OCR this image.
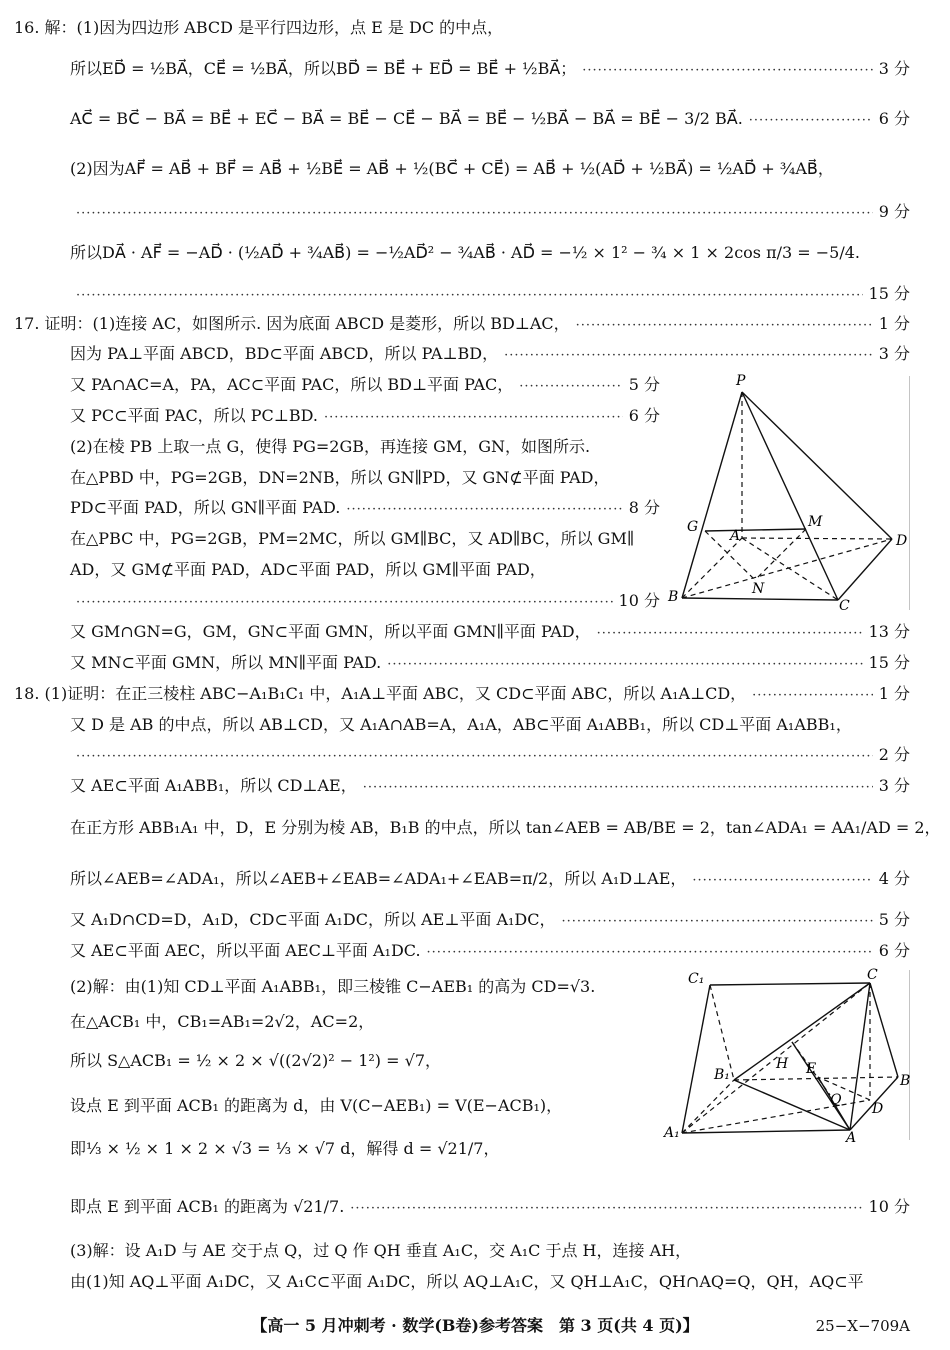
16. 解：(1)因为四边形 ABCD 是平行四边形，点 E 是 DC 的中点，
所以ED⃗ = ½BA⃗，CE⃗ = ½BA⃗，所以BD⃗ = BE⃗ + ED⃗ = BE⃗ + ½BA⃗； ·····	3 分
AC⃗ = BC⃗ − BA⃗ = BE⃗ + EC⃗ − BA⃗ = BE⃗ − CE⃗ − BA⃗ = BE⃗ − ½BA⃗ − BA⃗ = BE⃗ − 3/2 BA⃗. ·····	6 分
(2)因为AF⃗ = AB⃗ + BF⃗ = AB⃗ + ½BE⃗ = AB⃗ + ½(BC⃗ + CE⃗) = AB⃗ + ½(AD⃗ + ½BA⃗) = ½AD⃗ + ¾AB⃗，
·····
9 分
所以DA⃗ · AF⃗ = −AD⃗ · (½AD⃗ + ¾AB⃗) = −½AD⃗² − ¾AB⃗ · AD⃗ = −½ × 1² − ¾ × 1 × 2cos π/3 = −5/4.
·····
15 分
17. 证明：(1)连接 AC，如图所示. 因为底面 ABCD 是菱形，所以 BD⊥AC， ·····	1 分
因为 PA⊥平面 ABCD，BD⊂平面 ABCD，所以 PA⊥BD， ·····	3 分
又 PA∩AC=A，PA，AC⊂平面 PAC，所以 BD⊥平面 PAC， ·····	5 分
又 PC⊂平面 PAC，所以 PC⊥BD. ·····	6 分
(2)在棱 PB 上取一点 G，使得 PG=2GB，再连接 GM，GN，如图所示.
在△PBD 中，PG=2GB，DN=2NB，所以 GN∥PD，又 GN⊄平面 PAD，
PD⊂平面 PAD，所以 GN∥平面 PAD. ·····	8 分
在△PBC 中，PG=2GB，PM=2MC，所以 GM∥BC，又 AD∥BC，所以 GM∥
AD，又 GM⊄平面 PAD，AD⊂平面 PAD，所以 GM∥平面 PAD，
·····
10 分
又 GM∩GN=G，GM，GN⊂平面 GMN，所以平面 GMN∥平面 PAD， ·····	13 分
又 MN⊂平面 GMN，所以 MN∥平面 PAD. ·····	15 分
P
G	M
A	D
N
B
C
18. (1)证明：在正三棱柱 ABC−A₁B₁C₁ 中，A₁A⊥平面 ABC，又 CD⊂平面 ABC，所以 A₁A⊥CD， ·····	1 分
又 D 是 AB 的中点，所以 AB⊥CD，又 A₁A∩AB=A，A₁A，AB⊂平面 A₁ABB₁，所以 CD⊥平面 A₁ABB₁，
·····
2 分
又 AE⊂平面 A₁ABB₁，所以 CD⊥AE， ·····	3 分
在正方形 ABB₁A₁ 中，D，E 分别为棱 AB，B₁B 的中点，所以 tan∠AEB = AB/BE = 2，tan∠ADA₁ = AA₁/AD = 2，
所以∠AEB=∠ADA₁，所以∠AEB+∠EAB=∠ADA₁+∠EAB=π/2，所以 A₁D⊥AE， ·····	4 分
又 A₁D∩CD=D，A₁D，CD⊂平面 A₁DC，所以 AE⊥平面 A₁DC， ·····	5 分
又 AE⊂平面 AEC，所以平面 AEC⊥平面 A₁DC. ·····	6 分
(2)解：由(1)知 CD⊥平面 A₁ABB₁，即三棱锥 C−AEB₁ 的高为 CD=√3.
在△ACB₁ 中，CB₁=AB₁=2√2，AC=2，
所以 S△ACB₁ = ½ × 2 × √((2√2)² − 1²) = √7，
设点 E 到平面 ACB₁ 的距离为 d，由 V(C−AEB₁) = V(E−ACB₁)，
即⅓ × ½ × 1 × 2 × √3 = ⅓ × √7 d，解得 d = √21/7，
即点 E 到平面 ACB₁ 的距离为 √21/7. ·····	10 分
(3)解：设 A₁D 与 AE 交于点 Q，过 Q 作 QH 垂直 A₁C，交 A₁C 于点 H，连接 AH，
由(1)知 AQ⊥平面 A₁DC，又 A₁C⊂平面 A₁DC，所以 AQ⊥A₁C，又 QH⊥A₁C，QH∩AQ=Q，QH，AQ⊂平
C₁	C
H E
B₁	B
Q
D
A₁	A
【高一 5 月冲刺考 · 数学(B卷)参考答案　第 3 页(共 4 页)】	25−X−709A
